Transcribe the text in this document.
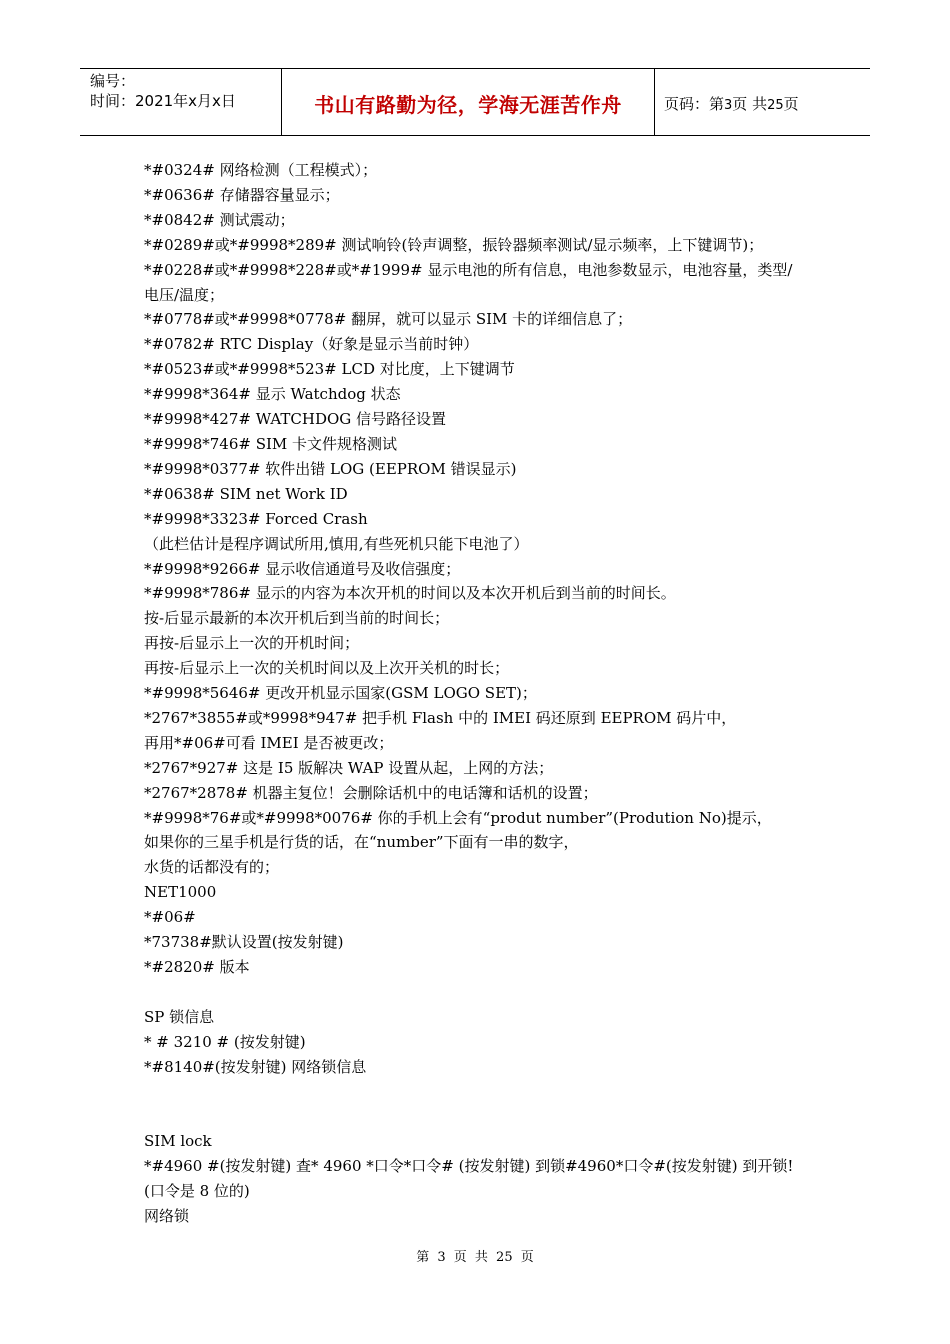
编号：
时间：2021年x月x日	书山有路勤为径，学海无涯苦作舟	页码：第3页 共25页
*#0324# 网络检测（工程模式）；
*#0636# 存储器容量显示；
*#0842# 测试震动；
*#0289#或*#9998*289# 测试响铃(铃声调整，振铃器频率测试/显示频率，上下键调节)；
*#0228#或*#9998*228#或*#1999# 显示电池的所有信息，电池参数显示，电池容量，类型/
电压/温度；
*#0778#或*#9998*0778# 翻屏，就可以显示 SIM 卡的详细信息了；
*#0782# RTC Display（好象是显示当前时钟）
*#0523#或*#9998*523# LCD 对比度，上下键调节
*#9998*364# 显示 Watchdog 状态
*#9998*427# WATCHDOG 信号路径设置
*#9998*746# SIM 卡文件规格测试
*#9998*0377# 软件出错 LOG (EEPROM 错误显示)
*#0638# SIM net Work ID
*#9998*3323# Forced Crash
（此栏估计是程序调试所用,慎用,有些死机只能下电池了）
*#9998*9266# 显示收信通道号及收信强度；
*#9998*786# 显示的内容为本次开机的时间以及本次开机后到当前的时间长。
按-后显示最新的本次开机后到当前的时间长；
再按-后显示上一次的开机时间；
再按-后显示上一次的关机时间以及上次开关机的时长；
*#9998*5646# 更改开机显示国家(GSM LOGO SET)；
*2767*3855#或*9998*947# 把手机 Flash 中的 IMEI 码还原到 EEPROM 码片中，
再用*#06#可看 IMEI 是否被更改；
*2767*927# 这是 I5 版解决 WAP 设置从起，上网的方法；
*2767*2878# 机器主复位！会删除话机中的电话簿和话机的设置；
*#9998*76#或*#9998*0076# 你的手机上会有“produt number”(Prodution No)提示，
如果你的三星手机是行货的话，在“number”下面有一串的数字，
水货的话都没有的；
NET1000
*#06#
*73738#默认设置(按发射键)
*#2820# 版本
SP 锁信息
* # 3210 # (按发射键)
*#8140#(按发射键) 网络锁信息
SIM lock
*#4960 #(按发射键) 查* 4960 *口令*口令# (按发射键) 到锁#4960*口令#(按发射键) 到开锁!
(口令是 8 位的)
网络锁
第 3 页 共 25 页
